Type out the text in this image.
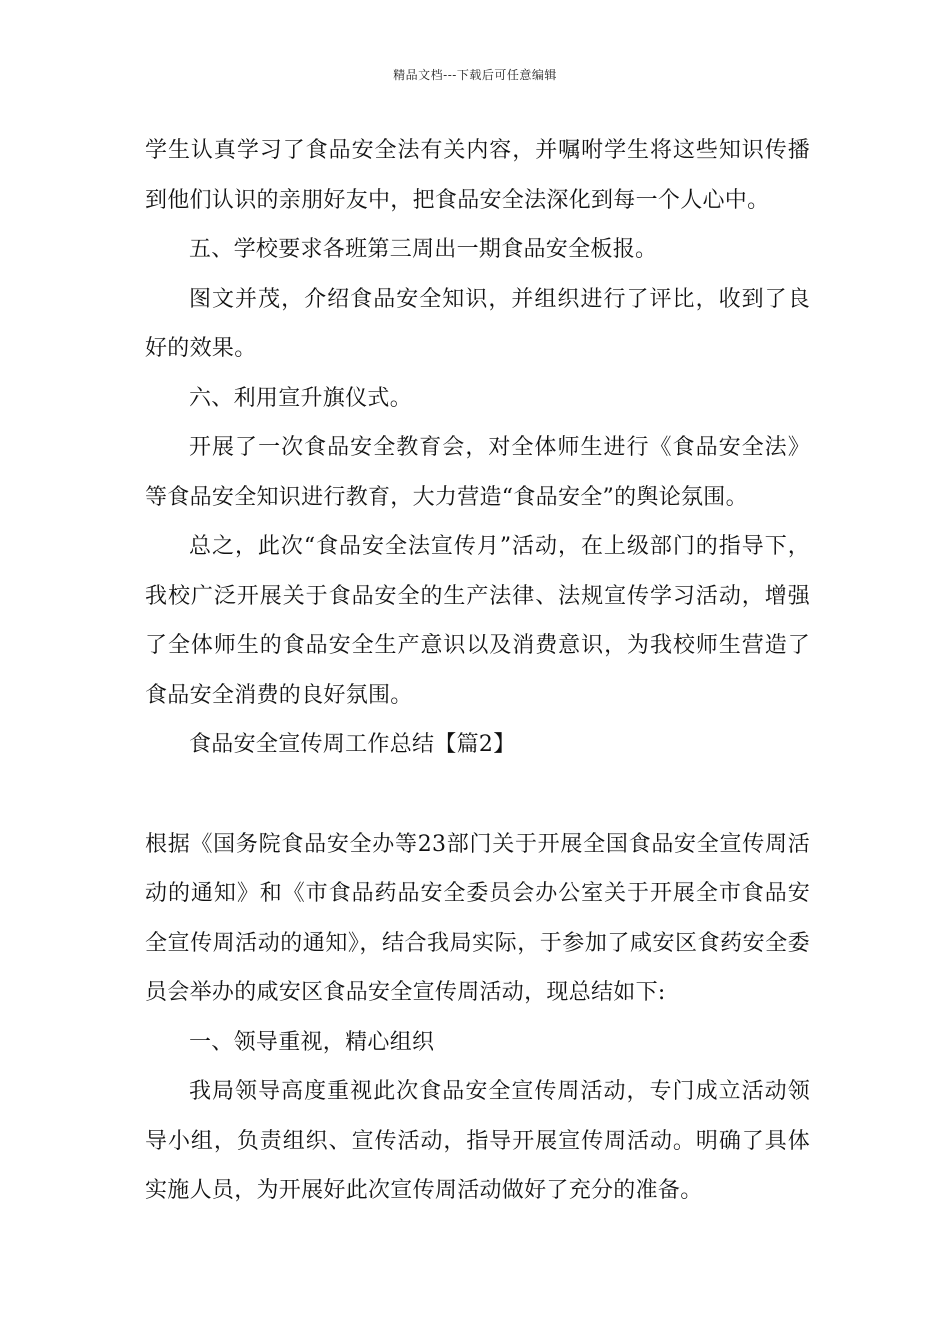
精品文档---下载后可任意编辑

学生认真学习了食品安全法有关内容，并嘱咐学生将这些知识传播到他们认识的亲朋好友中，把食品安全法深化到每一个人心中。

五、学校要求各班第三周出一期食品安全板报。

图文并茂，介绍食品安全知识，并组织进行了评比，收到了良好的效果。

六、利用宣升旗仪式。

开展了一次食品安全教育会，对全体师生进行《食品安全法》等食品安全知识进行教育，大力营造“食品安全”的舆论氛围。

总之，此次“食品安全法宣传月”活动，在上级部门的指导下，我校广泛开展关于食品安全的生产法律、法规宣传学习活动，增强了全体师生的食品安全生产意识以及消费意识，为我校师生营造了食品安全消费的良好氛围。

食品安全宣传周工作总结【篇2】

根据《国务院食品安全办等23部门关于开展全国食品安全宣传周活动的通知》和《市食品药品安全委员会办公室关于开展全市食品安全宣传周活动的通知》，结合我局实际，于参加了咸安区食药安全委员会举办的咸安区食品安全宣传周活动，现总结如下:

一、领导重视，精心组织

我局领导高度重视此次食品安全宣传周活动，专门成立活动领导小组，负责组织、宣传活动，指导开展宣传周活动。明确了具体实施人员，为开展好此次宣传周活动做好了充分的准备。
